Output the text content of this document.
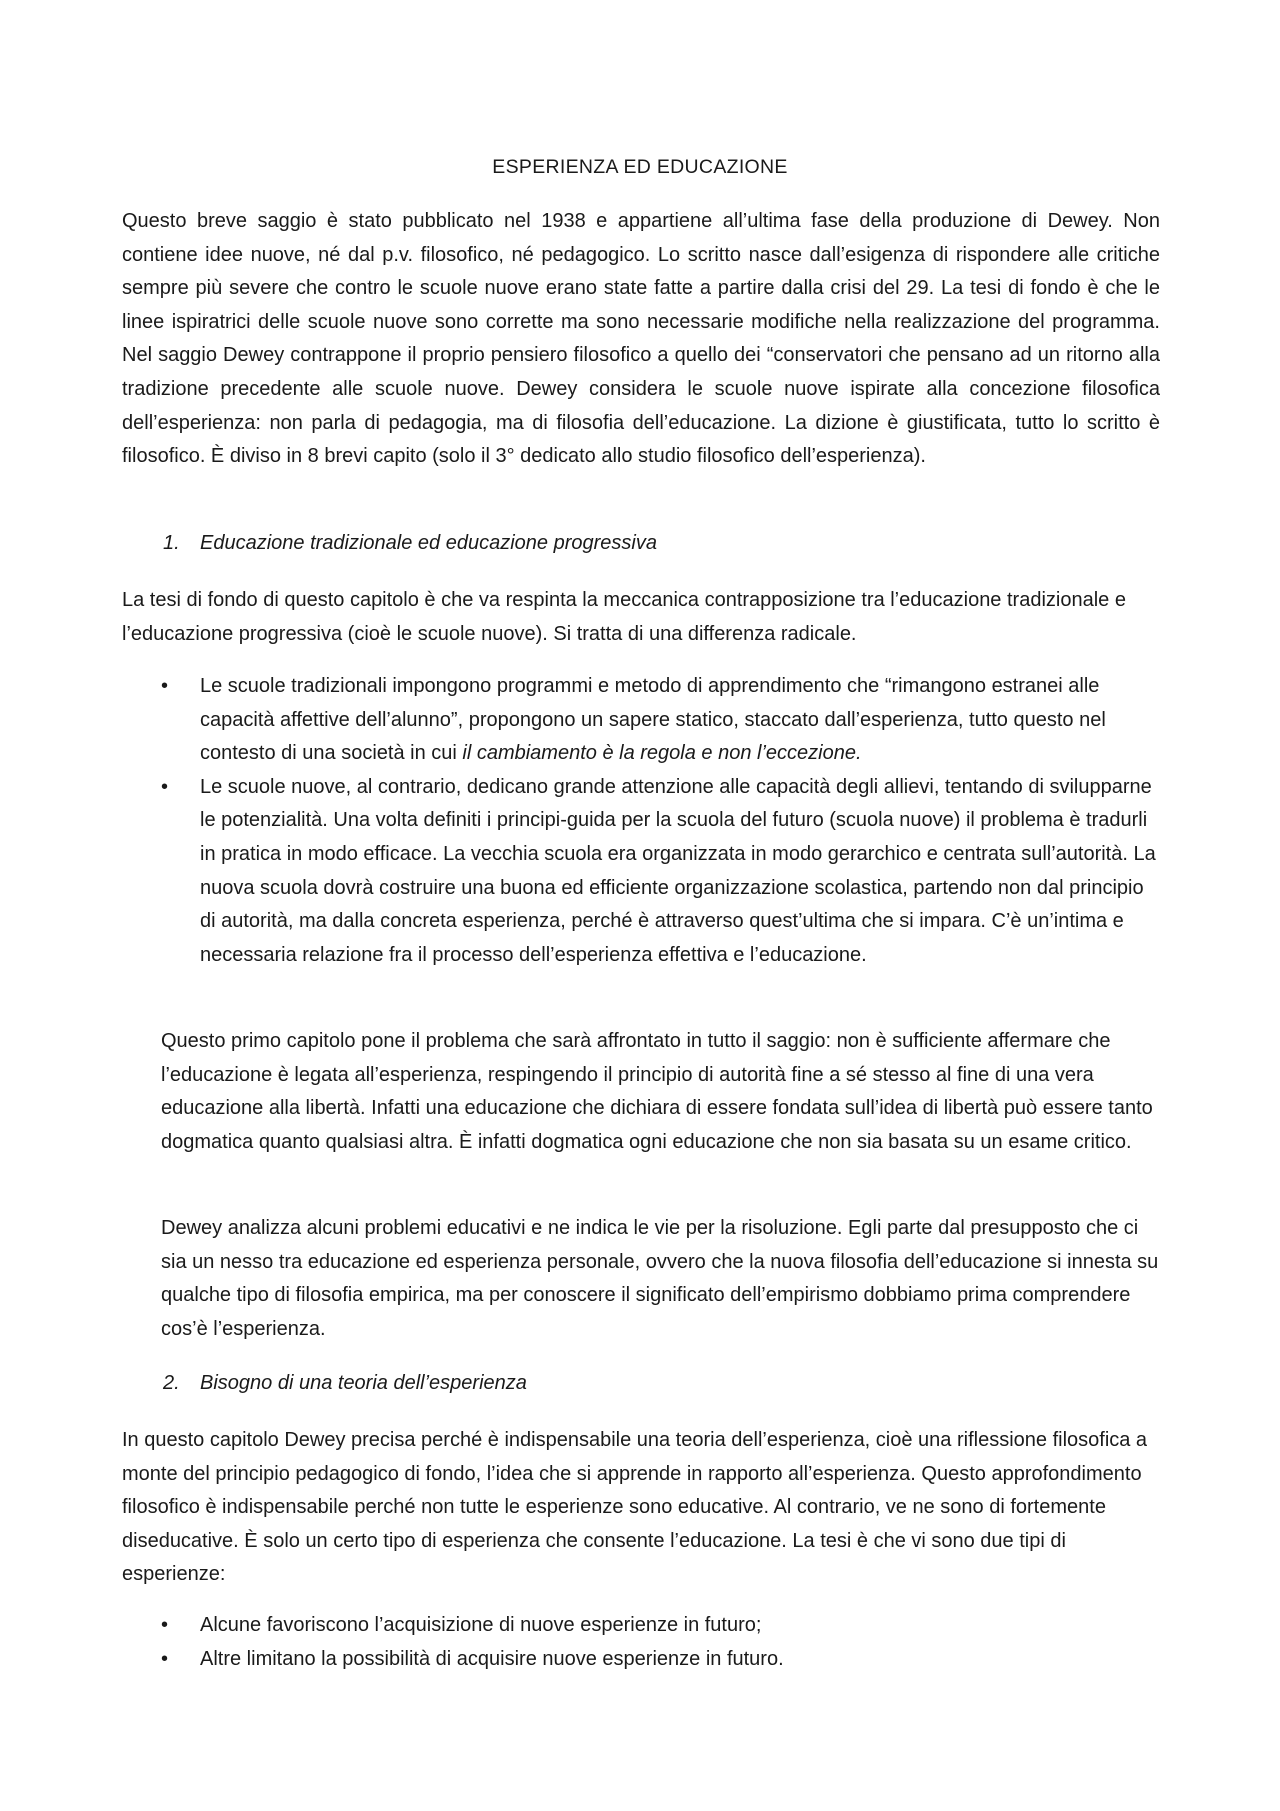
ESPERIENZA ED EDUCAZIONE

Questo breve saggio è stato pubblicato nel 1938 e appartiene all’ultima fase della produzione di Dewey. Non contiene idee nuove, né dal p.v. filosofico, né pedagogico. Lo scritto nasce dall’esigenza di rispondere alle critiche sempre più severe che contro le scuole nuove erano state fatte a partire dalla crisi del 29. La tesi di fondo è che le linee ispiratrici delle scuole nuove sono corrette ma sono necessarie modifiche nella realizzazione del programma. Nel saggio Dewey contrappone il proprio pensiero filosofico a quello dei “conservatori che pensano ad un ritorno alla tradizione precedente alle scuole nuove. Dewey considera le scuole nuove ispirate alla concezione filosofica dell’esperienza: non parla di pedagogia, ma di filosofia dell’educazione. La dizione è giustificata, tutto lo scritto è filosofico. È diviso in 8 brevi capito (solo il 3° dedicato allo studio filosofico dell’esperienza).

1. Educazione tradizionale ed educazione progressiva

La tesi di fondo di questo capitolo è che va respinta la meccanica contrapposizione tra l’educazione tradizionale e l’educazione progressiva (cioè le scuole nuove). Si tratta di una differenza radicale.

• Le scuole tradizionali impongono programmi e metodo di apprendimento che “rimangono estranei alle capacità affettive dell’alunno”, propongono un sapere statico, staccato dall’esperienza, tutto questo nel contesto di una società in cui il cambiamento è la regola e non l’eccezione.
• Le scuole nuove, al contrario, dedicano grande attenzione alle capacità degli allievi, tentando di svilupparne le potenzialità. Una volta definiti i principi-guida per la scuola del futuro (scuola nuove) il problema è tradurli in pratica in modo efficace. La vecchia scuola era organizzata in modo gerarchico e centrata sull’autorità. La nuova scuola dovrà costruire una buona ed efficiente organizzazione scolastica, partendo non dal principio di autorità, ma dalla concreta esperienza, perché è attraverso quest’ultima che si impara. C’è un’intima e necessaria relazione fra il processo dell’esperienza effettiva e l’educazione.

Questo primo capitolo pone il problema che sarà affrontato in tutto il saggio: non è sufficiente affermare che l’educazione è legata all’esperienza, respingendo il principio di autorità fine a sé stesso al fine di una vera educazione alla libertà. Infatti una educazione che dichiara di essere fondata sull’idea di libertà può essere tanto dogmatica quanto qualsiasi altra. È infatti dogmatica ogni educazione che non sia basata su un esame critico.

Dewey analizza alcuni problemi educativi e ne indica le vie per la risoluzione. Egli parte dal presupposto che ci sia un nesso tra educazione ed esperienza personale, ovvero che la nuova filosofia dell’educazione si innesta su qualche tipo di filosofia empirica, ma per conoscere il significato dell’empirismo dobbiamo prima comprendere cos’è l’esperienza.

2. Bisogno di una teoria dell’esperienza

In questo capitolo Dewey precisa perché è indispensabile una teoria dell’esperienza, cioè una riflessione filosofica a monte del principio pedagogico di fondo, l’idea che si apprende in rapporto all’esperienza. Questo approfondimento filosofico è indispensabile perché non tutte le esperienze sono educative. Al contrario, ve ne sono di fortemente diseducative. È solo un certo tipo di esperienza che consente l’educazione. La tesi è che vi sono due tipi di esperienze:

• Alcune favoriscono l’acquisizione di nuove esperienze in futuro;
• Altre limitano la possibilità di acquisire nuove esperienze in futuro.
